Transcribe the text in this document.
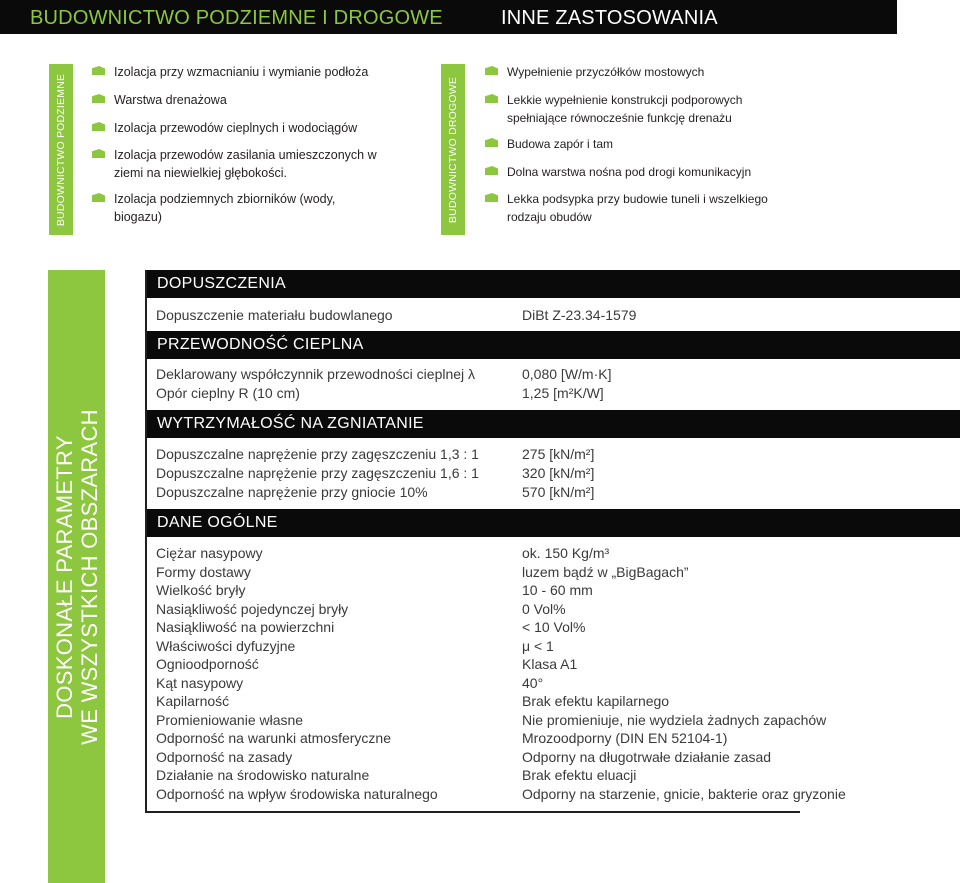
BUDOWNICTWO PODZIEMNE I DROGOWE	INNE ZASTOSOWANIA
BUDOWNICTWO PODZIEMNE
Izolacja przy wzmacnianiu i wymianie podłoża
Warstwa drenażowa
Izolacja przewodów cieplnych i wodociągów
Izolacja przewodów zasilania umieszczonych w
ziemi na niewielkiej głębokości.
Izolacja podziemnych zbiorników (wody,
biogazu)	BUDOWNICTWO DROGOWE
Wypełnienie przyczółków mostowych
Lekkie wypełnienie konstrukcji podporowych
spełniające równocześnie funkcję drenażu
Budowa zapór i tam
Dolna warstwa nośna pod drogi komunikacyjn
Lekka podsypka przy budowie tuneli i wszelkiego
rodzaju obudów
DOSKONAŁE PARAMETRY WE WSZYSTKICH OBSZARACH
DOPUSZCZENIA
Dopuszczenie materiału budowlanego	DiBt Z-23.34-1579
PRZEWODNOŚĆ CIEPLNA
Deklarowany współczynnik przewodności cieplnej λ	0,080 [W/m·K]
Opór cieplny R (10 cm)	1,25 [m²K/W]
WYTRZYMAŁOŚĆ NA ZGNIATANIE
Dopuszczalne naprężenie przy zagęszczeniu 1,3 : 1	275 [kN/m²]
Dopuszczalne naprężenie przy zagęszczeniu 1,6 : 1	320 [kN/m²]
Dopuszczalne naprężenie przy gniocie 10%	570 [kN/m²]
DANE OGÓLNE
Ciężar nasypowy	ok. 150 Kg/m³
Formy dostawy	luzem bądź w „BigBagach”
Wielkość bryły	10 - 60 mm
Nasiąkliwość pojedynczej bryły	0 Vol%
Nasiąkliwość na powierzchni	< 10 Vol%
Właściwości dyfuzyjne	μ < 1
Ognioodporność	Klasa A1
Kąt nasypowy	40°
Kapilarność	Brak efektu kapilarnego
Promieniowanie własne	Nie promieniuje, nie wydziela żadnych zapachów
Odporność na warunki atmosferyczne	Mrozoodporny (DIN EN 52104-1)
Odporność na zasady	Odporny na długotrwałe działanie zasad
Działanie na środowisko naturalne	Brak efektu eluacji
Odporność na wpływ środowiska naturalnego	Odporny na starzenie, gnicie, bakterie oraz gryzonie
